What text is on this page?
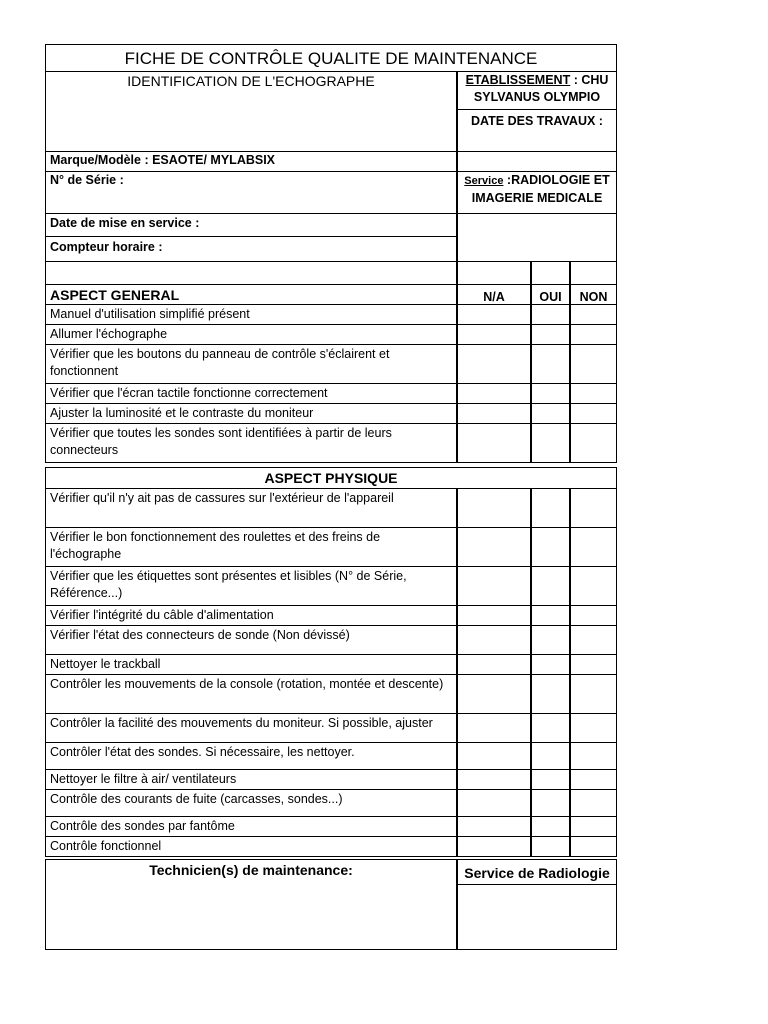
FICHE DE CONTRÔLE QUALITE DE MAINTENANCE
IDENTIFICATION DE L'ECHOGRAPHE	ETABLISSEMENT : CHU SYLVANUS OLYMPIO
DATE DES TRAVAUX :
Marque/Modèle : ESAOTE/ MYLABSIX
N° de Série :	Service :RADIOLOGIE ET IMAGERIE MEDICALE
Date de mise en service :
Compteur horaire :
ASPECT GENERAL	N/A	OUI	NON
Manuel d'utilisation simplifié présent
Allumer l'échographe
Vérifier que les boutons du panneau de contrôle s'éclairent et fonctionnent
Vérifier que l'écran tactile fonctionne correctement
Ajuster la luminosité et le contraste du moniteur
Vérifier que toutes les sondes sont identifiées à partir de leurs connecteurs
ASPECT PHYSIQUE
Vérifier qu'il n'y ait pas de cassures sur l'extérieur de l'appareil
Vérifier le bon fonctionnement des roulettes et des freins de l'échographe
Vérifier que les étiquettes sont présentes et lisibles (N° de Série, Référence...)
Vérifier l'intégrité du câble d'alimentation
Vérifier l'état des connecteurs de sonde (Non dévissé)
Nettoyer le trackball
Contrôler les mouvements de la console (rotation, montée et descente)
Contrôler la facilité des mouvements du moniteur. Si possible, ajuster
Contrôler l'état des sondes. Si nécessaire, les nettoyer.
Nettoyer le filtre à air/ ventilateurs
Contrôle des courants de fuite (carcasses, sondes...)
Contrôle des sondes par fantôme
Contrôle fonctionnel
Technicien(s) de maintenance:	Service de Radiologie
